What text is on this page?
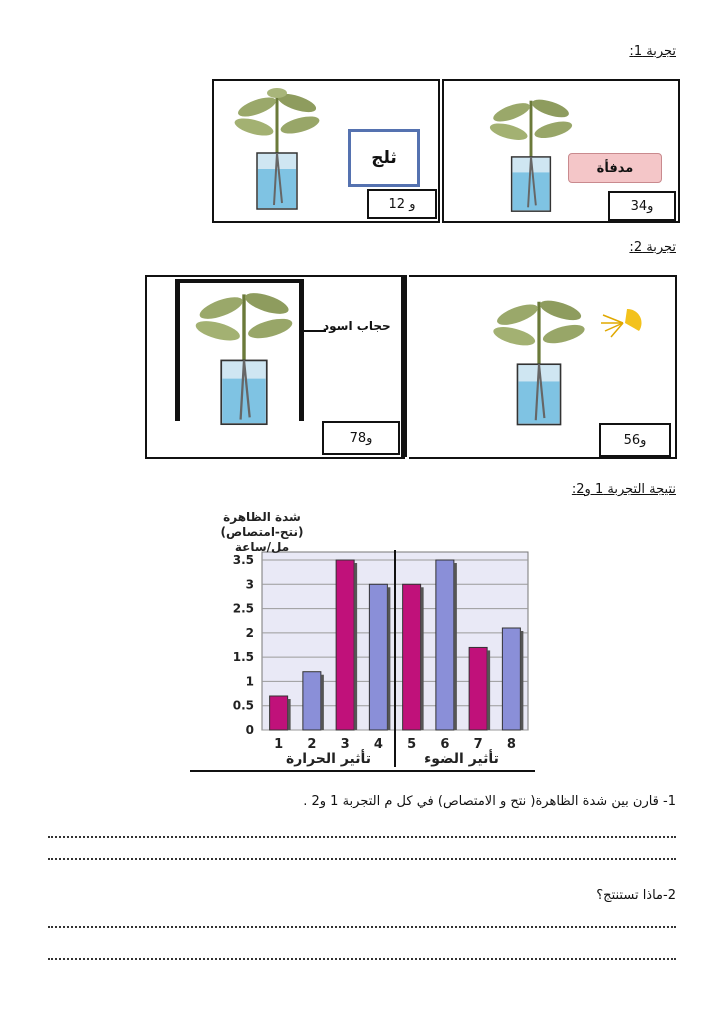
تجربة 1:
ثلج
1و 2
مدفأة
3و4
تجربة 2:
حجاب اسود
7و8	5و6
نتيجة التجربة 1 و2:
0
0.5
1
1.5
2
2.5
3
3.5
1 2 3 4 5 6 7 8
تأثير الحرارة	تأثير الضوء
شدة الظاهرة
(نتح-امتصاص)
مل/ساعة
1- قارن بين شدة الظاهرة( نتح و الامتصاص) في كل م التجربة 1 و2 .
2-ماذا تستنتج؟
